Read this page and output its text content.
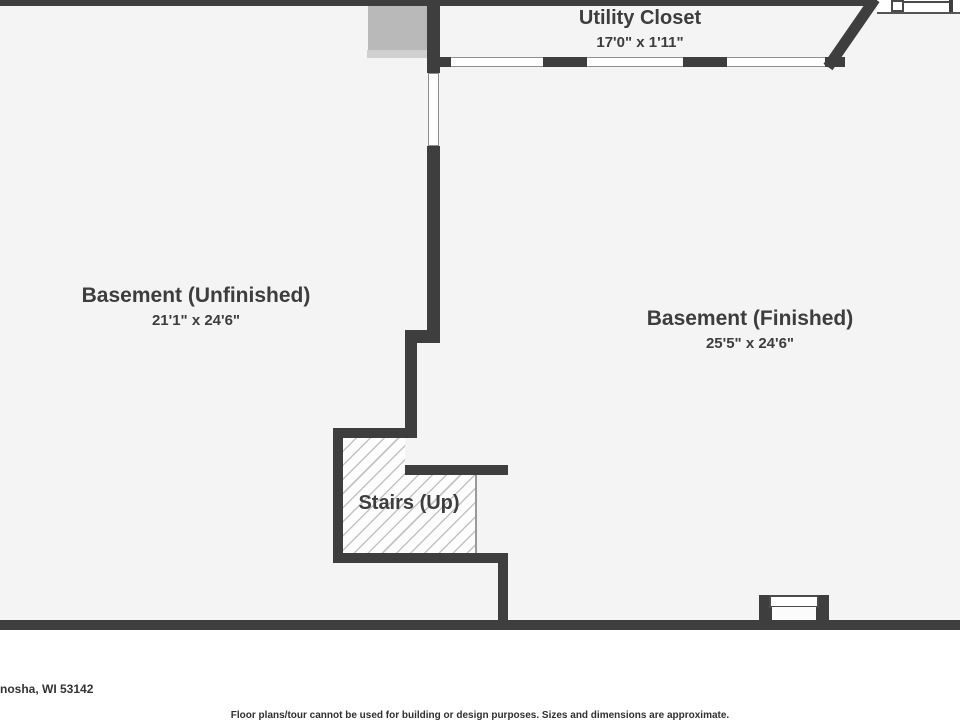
Utility Closet
17'0" x 1'11"
Basement (Unfinished)
21'1" x 24'6"	Basement (Finished)
25'5" x 24'6"
Stairs (Up)
nosha, WI 53142
Floor plans/tour cannot be used for building or design purposes. Sizes and dimensions are approximate.
